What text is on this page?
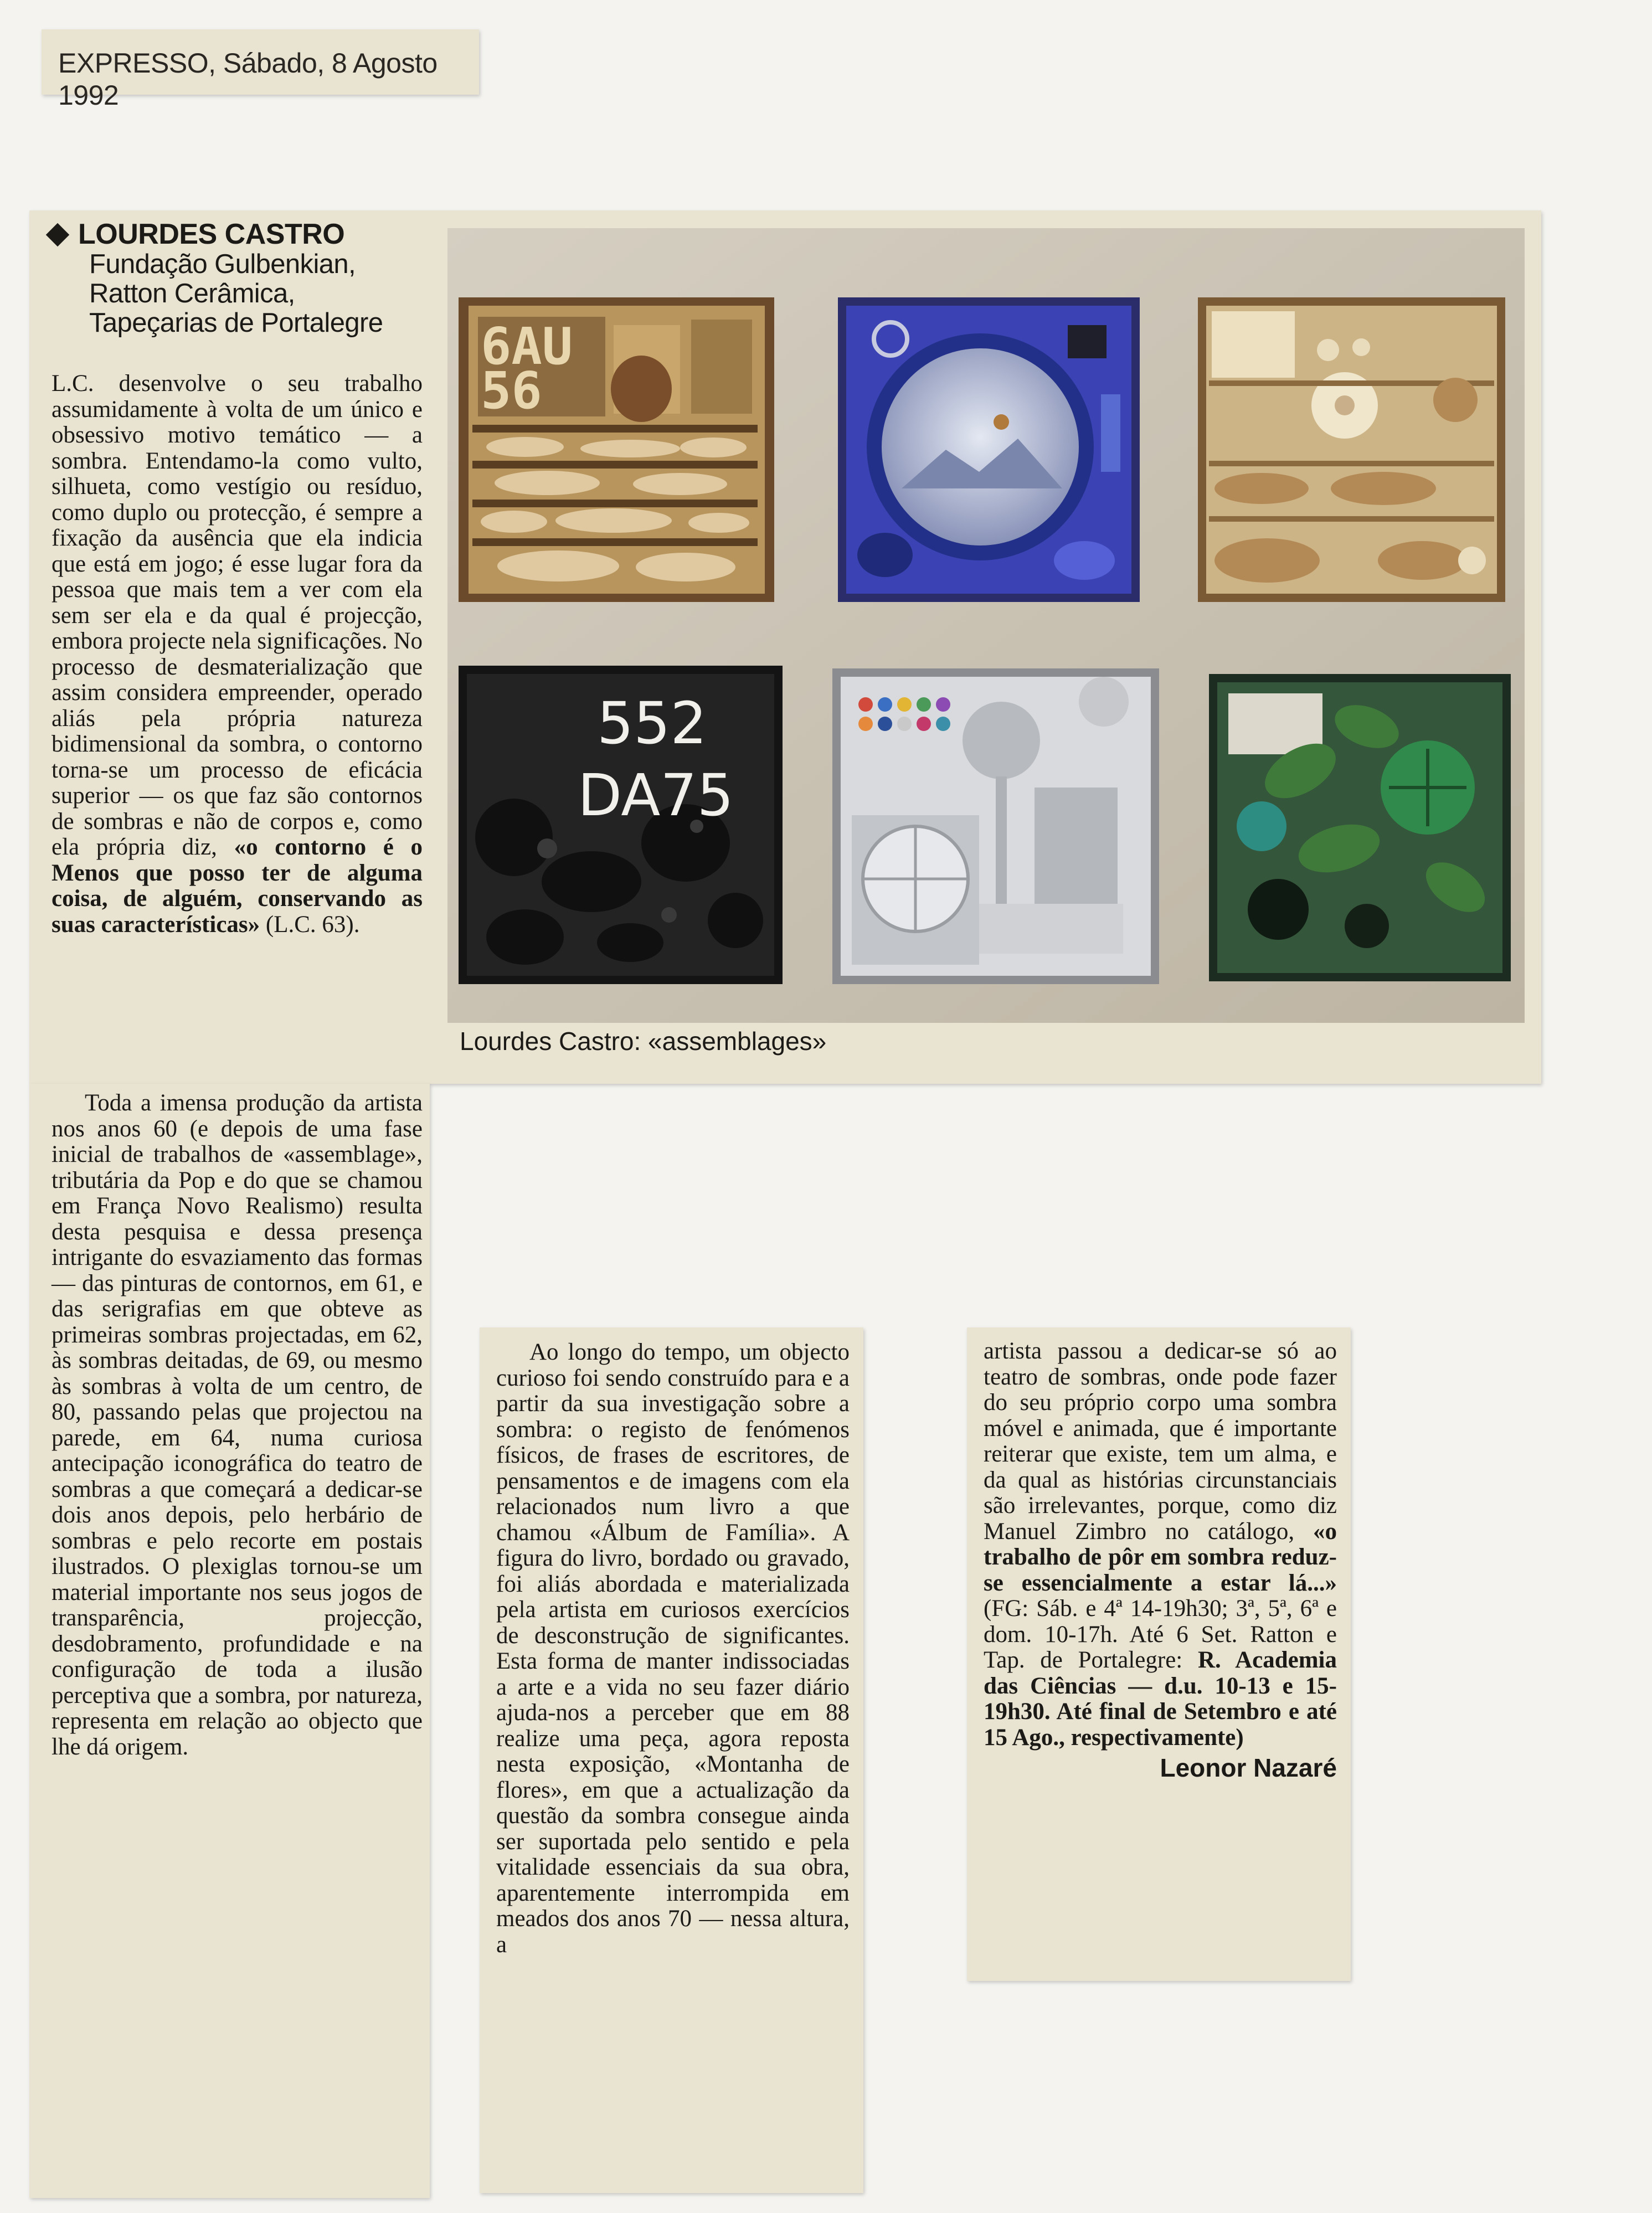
EXPRESSO, Sábado, 8 Agosto 1992
LOURDES CASTRO
Fundação Gulbenkian,
Ratton Cerâmica,
Tapeçarias de Portalegre

L.C. desenvolve o seu trabalho assumidamente à volta de um único e obsessivo motivo temático — a sombra. Entendamo-la como vulto, silhueta, como vestígio ou resíduo, como duplo ou protecção, é sempre a fixação da ausência que ela indicia que está em jogo; é esse lugar fora da pessoa que mais tem a ver com ela sem ser ela e da qual é projecção, embora projecte nela significações. No processo de desmaterialização que assim considera empreender, operado aliás pela própria natureza bidimensional da sombra, o contorno torna-se um processo de eficácia superior — os que faz são contornos de sombras e não de corpos e, como ela própria diz, «o contorno é o Menos que posso ter de alguma coisa, de alguém, conservando as suas características» (L.C. 63).

6AU
56
552
DA75
Lourdes Castro: «assemblages»

Toda a imensa produção da artista nos anos 60 (e depois de uma fase inicial de trabalhos de «assemblage», tributária da Pop e do que se chamou em França Novo Realismo) resulta desta pesquisa e dessa presença intrigante do esvaziamento das formas — das pinturas de contornos, em 61, e das serigrafias em que obteve as primeiras sombras projectadas, em 62, às sombras deitadas, de 69, ou mesmo às sombras à volta de um centro, de 80, passando pelas que projectou na parede, em 64, numa curiosa antecipação iconográfica do teatro de sombras a que começará a dedicar-se dois anos depois, pelo herbário de sombras e pelo recorte em postais ilustrados. O plexiglas tornou-se um material importante nos seus jogos de transparência, projecção, desdobramento, profundidade e na configuração de toda a ilusão perceptiva que a sombra, por natureza, representa em relação ao objecto que lhe dá origem.

Ao longo do tempo, um objecto curioso foi sendo construído para e a partir da sua investigação sobre a sombra: o registo de fenómenos físicos, de frases de escritores, de pensamentos e de imagens com ela relacionados num livro a que chamou «Álbum de Família». A figura do livro, bordado ou gravado, foi aliás abordada e materializada pela artista em curiosos exercícios de desconstrução de significantes. Esta forma de manter indissociadas a arte e a vida no seu fazer diário ajuda-nos a perceber que em 88 realize uma peça, agora reposta nesta exposição, «Montanha de flores», em que a actualização da questão da sombra consegue ainda ser suportada pelo sentido e pela vitalidade essenciais da sua obra, aparentemente interrompida em meados dos anos 70 — nessa altura, a

artista passou a dedicar-se só ao teatro de sombras, onde pode fazer do seu próprio corpo uma sombra móvel e animada, que é importante reiterar que existe, tem um alma, e da qual as histórias circunstanciais são irrelevantes, porque, como diz Manuel Zimbro no catálogo, «o trabalho de pôr em sombra reduz-se essencialmente a estar lá...» (FG: Sáb. e 4ª 14-19h30; 3ª, 5ª, 6ª e dom. 10-17h. Até 6 Set. Ratton e Tap. de Portalegre: R. Academia das Ciências — d.u. 10-13 e 15-19h30. Até final de Setembro e até 15 Ago., respectivamente)

Leonor Nazaré
